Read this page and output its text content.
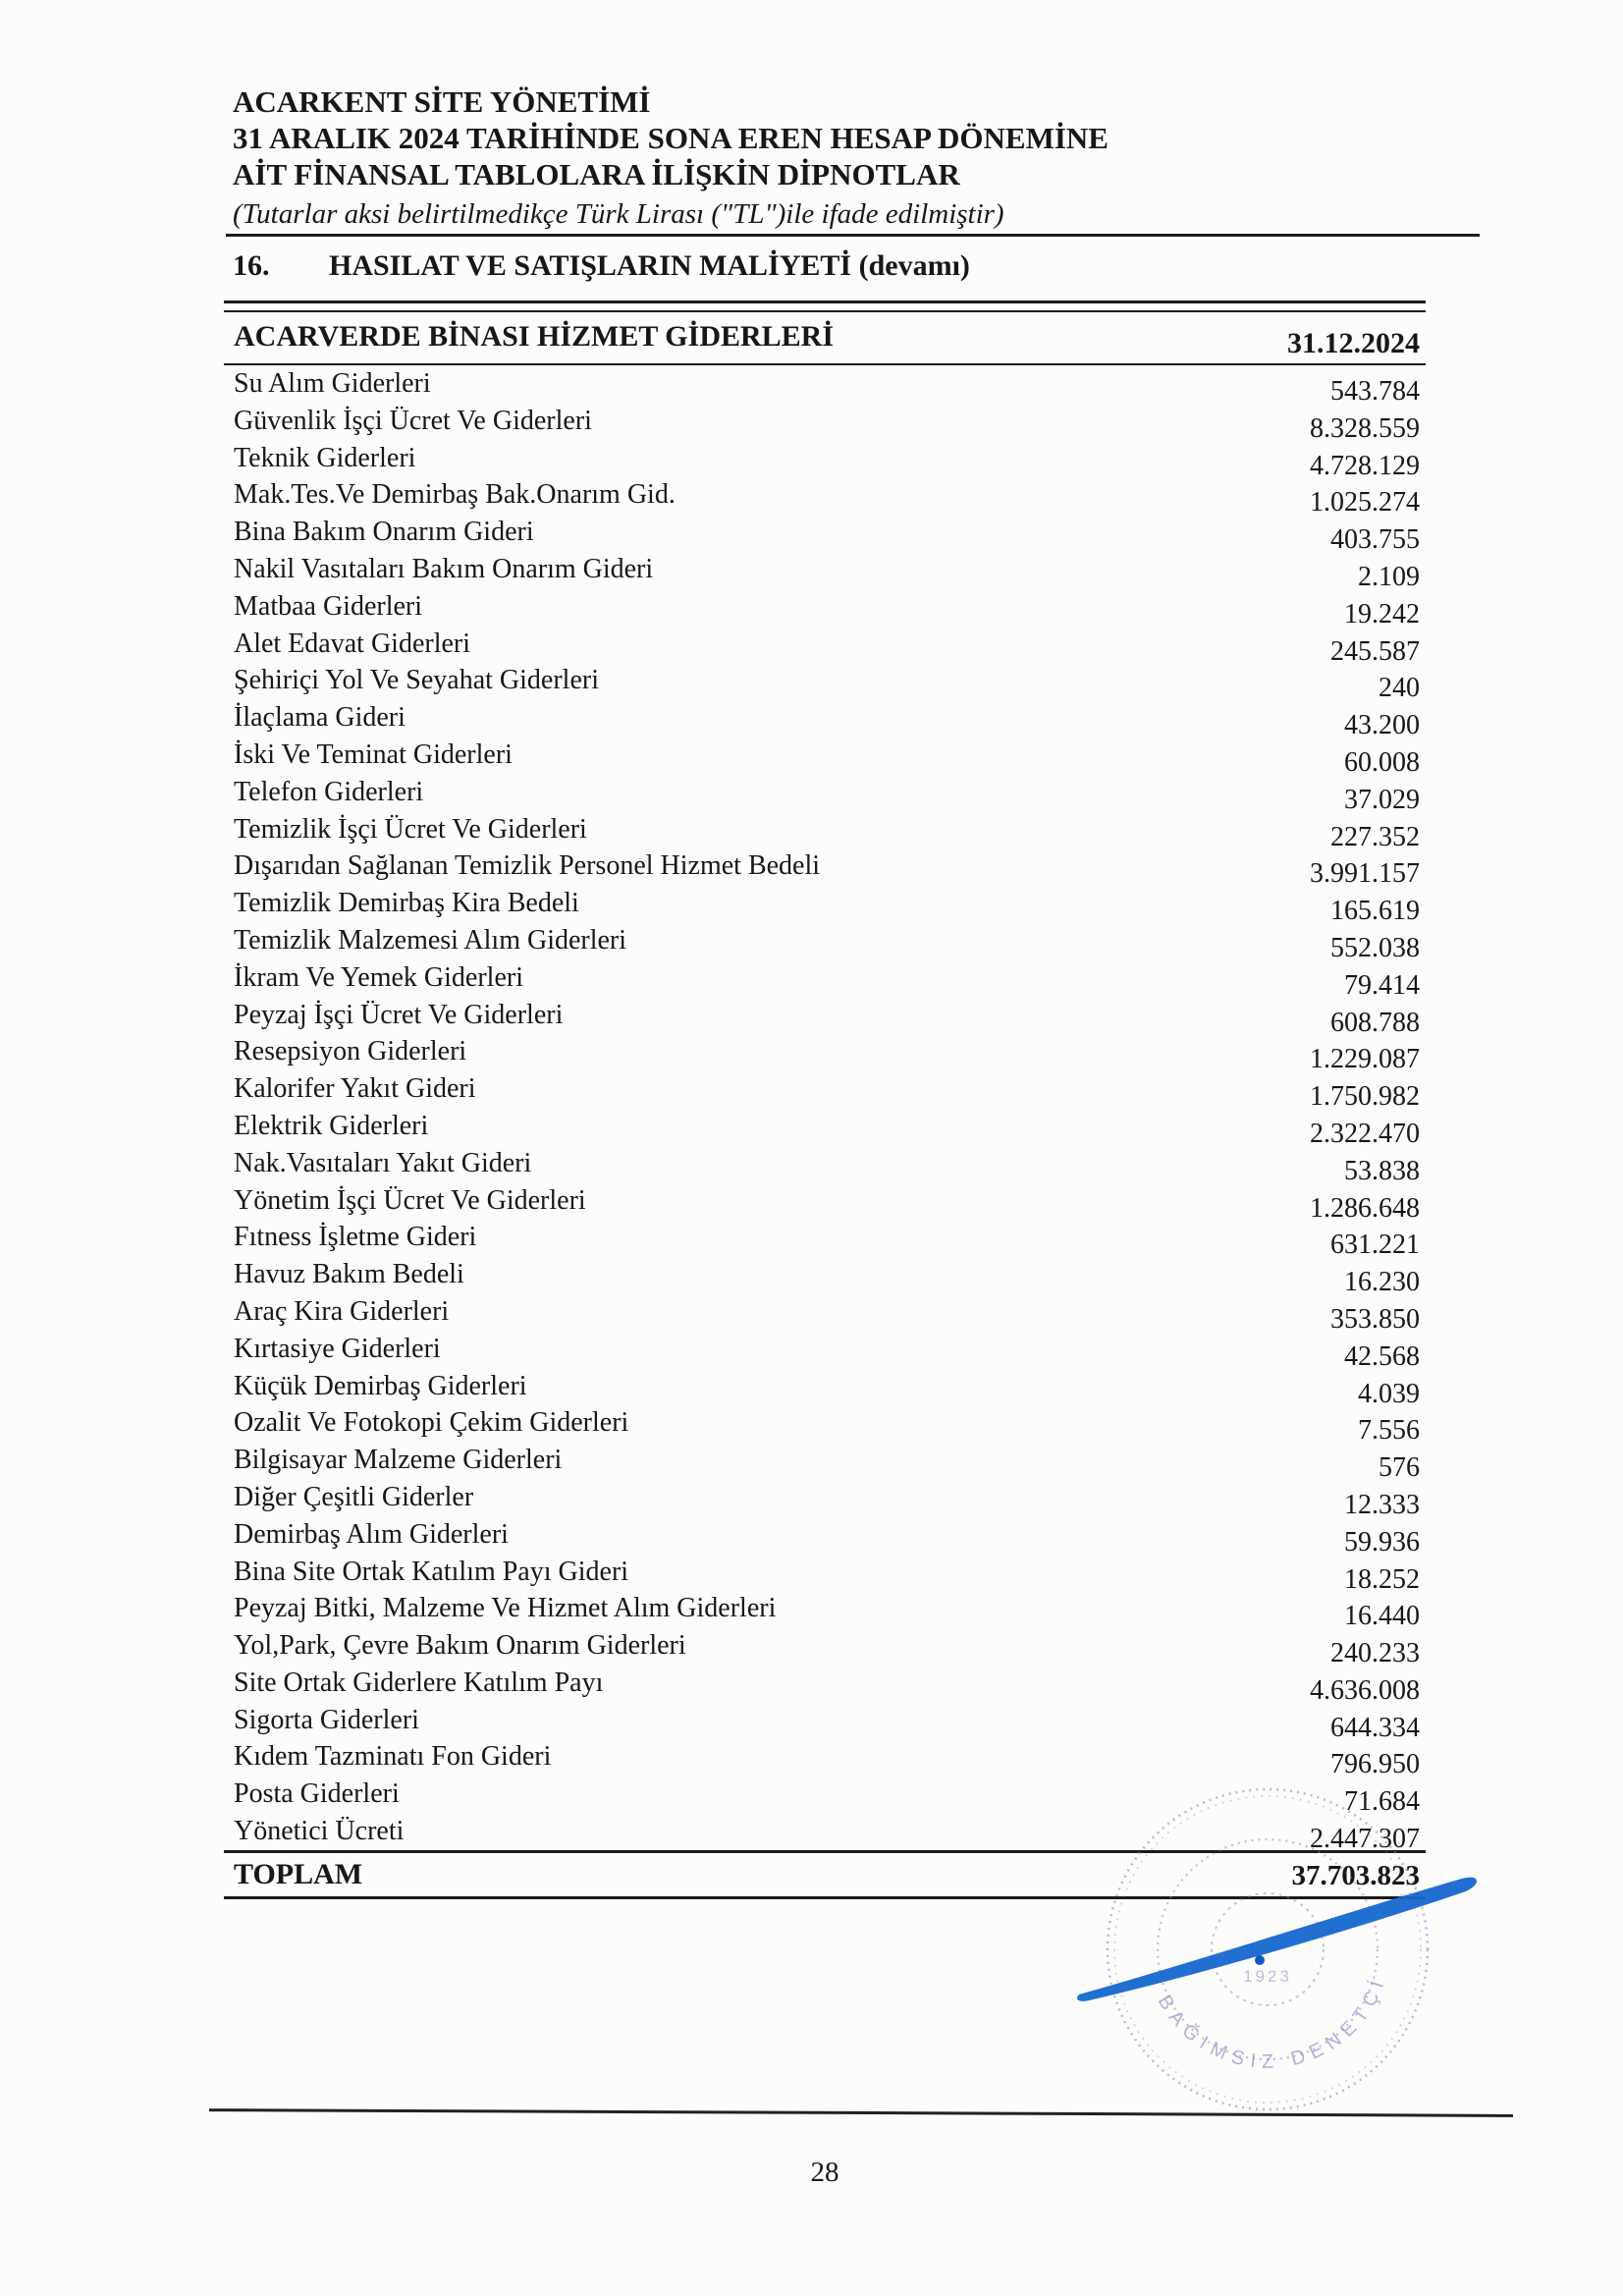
ACARKENT SİTE YÖNETİMİ
31 ARALIK 2024 TARİHİNDE SONA EREN HESAP DÖNEMİNE
AİT FİNANSAL TABLOLARA İLİŞKİN DİPNOTLAR
(Tutarlar aksi belirtilmedikçe Türk Lirası ("TL")ile ifade edilmiştir)
16. HASILAT VE SATIŞLARIN MALİYETİ (devamı)
ACARVERDE BİNASI HİZMET GİDERLERİ	31.12.2024
Su Alım Giderleri	543.784
Güvenlik İşçi Ücret Ve Giderleri	8.328.559
Teknik Giderleri	4.728.129
Mak.Tes.Ve Demirbaş Bak.Onarım Gid.	1.025.274
Bina Bakım Onarım Gideri	403.755
Nakil Vasıtaları Bakım Onarım Gideri	2.109
Matbaa Giderleri	19.242
Alet Edavat Giderleri	245.587
Şehiriçi Yol Ve Seyahat Giderleri	240
İlaçlama Gideri	43.200
İski Ve Teminat Giderleri	60.008
Telefon Giderleri	37.029
Temizlik İşçi Ücret Ve Giderleri	227.352
Dışarıdan Sağlanan Temizlik Personel Hizmet Bedeli	3.991.157
Temizlik Demirbaş Kira Bedeli	165.619
Temizlik Malzemesi Alım Giderleri	552.038
İkram Ve Yemek Giderleri	79.414
Peyzaj İşçi Ücret Ve Giderleri	608.788
Resepsiyon Giderleri	1.229.087
Kalorifer Yakıt Gideri	1.750.982
Elektrik Giderleri	2.322.470
Nak.Vasıtaları Yakıt Gideri	53.838
Yönetim İşçi Ücret Ve Giderleri	1.286.648
Fıtness İşletme Gideri	631.221
Havuz Bakım Bedeli	16.230
Araç Kira Giderleri	353.850
Kırtasiye Giderleri	42.568
Küçük Demirbaş Giderleri	4.039
Ozalit Ve Fotokopi Çekim Giderleri	7.556
Bilgisayar Malzeme Giderleri	576
Diğer Çeşitli Giderler	12.333
Demirbaş Alım Giderleri	59.936
Bina Site Ortak Katılım Payı Gideri	18.252
Peyzaj Bitki, Malzeme Ve Hizmet Alım Giderleri	16.440
Yol,Park, Çevre Bakım Onarım Giderleri	240.233
Site Ortak Giderlere Katılım Payı	4.636.008
Sigorta Giderleri	644.334
Kıdem Tazminatı Fon Gideri	796.950
Posta Giderleri	71.684
Yönetici Ücreti	2.447.307
TOPLAM	37.703.823
BAĞIMSIZ DENETÇİ
1923
28
